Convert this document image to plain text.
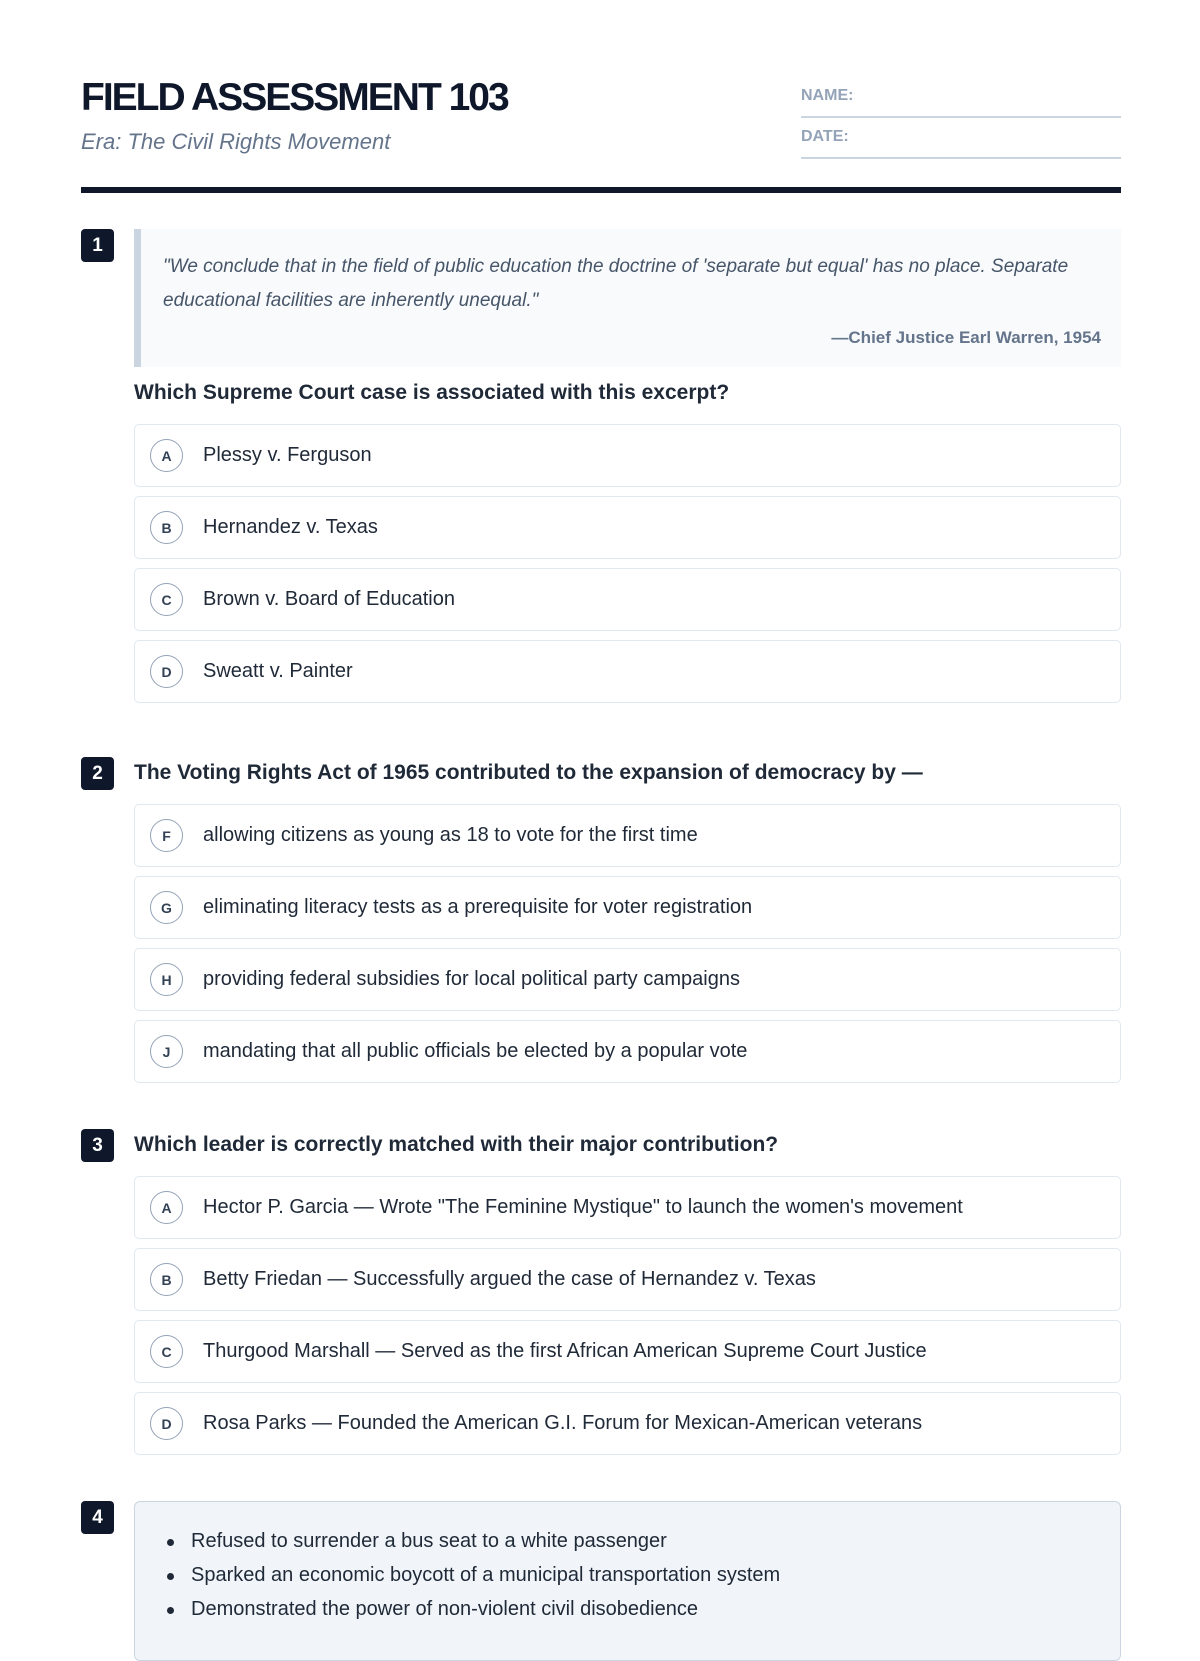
FIELD ASSESSMENT 103
Era: The Civil Rights Movement
NAME:
DATE:
1
"We conclude that in the field of public education the doctrine of 'separate but equal' has no place. Separate educational facilities are inherently unequal."
—Chief Justice Earl Warren, 1954
Which Supreme Court case is associated with this excerpt?
A	Plessy v. Ferguson
B	Hernandez v. Texas
C	Brown v. Board of Education
D	Sweatt v. Painter
2	The Voting Rights Act of 1965 contributed to the expansion of democracy by —
F	allowing citizens as young as 18 to vote for the first time
G	eliminating literacy tests as a prerequisite for voter registration
H	providing federal subsidies for local political party campaigns
J	mandating that all public officials be elected by a popular vote
3	Which leader is correctly matched with their major contribution?
A	Hector P. Garcia — Wrote "The Feminine Mystique" to launch the women's movement
B	Betty Friedan — Successfully argued the case of Hernandez v. Texas
C	Thurgood Marshall — Served as the first African American Supreme Court Justice
D	Rosa Parks — Founded the American G.I. Forum for Mexican-American veterans
4
Refused to surrender a bus seat to a white passenger
Sparked an economic boycott of a municipal transportation system
Demonstrated the power of non-violent civil disobedience
